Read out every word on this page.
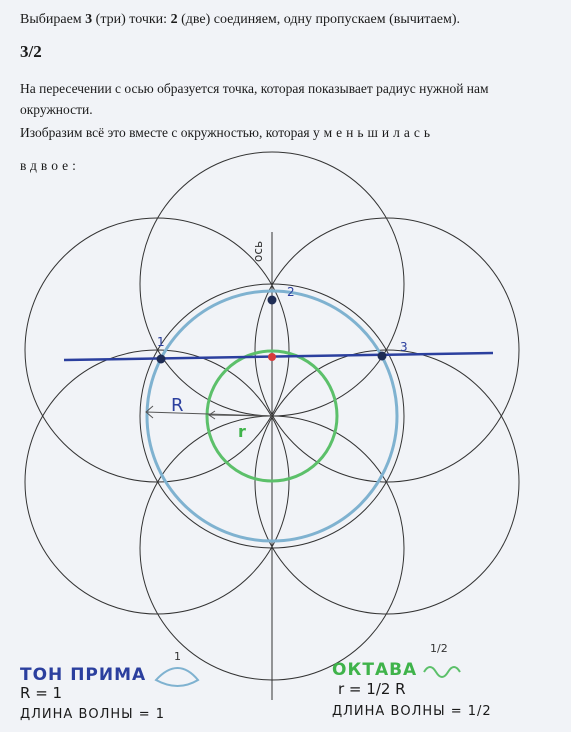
Выбираем 3 (три) точки: 2 (две) соединяем, одну пропускаем (вычитаем).
3/2
На пересечении с осью образуется точка, которая показывает радиус нужной нам окружности.
Изобразим всё это вместе с окружностью, которая уменьшилась
вдвое:
ось
1
2
3
R
r
1
1/2
ТОН ПРИМА
R = 1
ДЛИНА ВОЛНЫ = 1
ОКТАВА
r = 1/2 R
ДЛИНА ВОЛНЫ = 1/2
